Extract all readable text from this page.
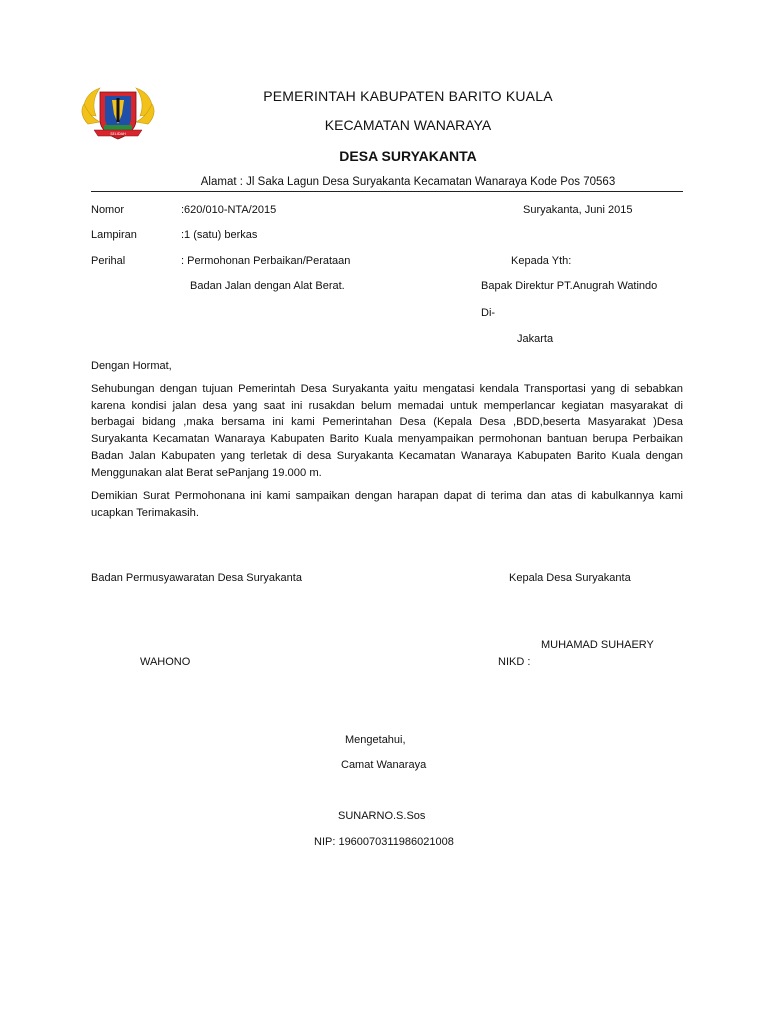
SELIDAH
PEMERINTAH KABUPATEN BARITO KUALA
KECAMATAN WANARAYA
DESA SURYAKANTA
Alamat : Jl Saka Lagun Desa Suryakanta Kecamatan Wanaraya Kode Pos 70563
Nomor	:620/010-NTA/2015	Suryakanta, Juni 2015
Lampiran	:1 (satu) berkas
Perihal	: Permohonan Perbaikan/Perataan
Badan Jalan dengan Alat Berat.
Kepada Yth:
Bapak Direktur PT.Anugrah Watindo
Di-
Jakarta
Dengan Hormat,
Sehubungan dengan tujuan Pemerintah Desa Suryakanta yaitu mengatasi kendala Transportasi yang di sebabkan karena kondisi jalan desa yang saat ini rusakdan belum memadai untuk memperlancar kegiatan masyarakat di berbagai bidang ,maka bersama ini kami Pemerintahan Desa (Kepala Desa ,BDD,beserta Masyarakat )Desa Suryakanta Kecamatan Wanaraya Kabupaten Barito Kuala menyampaikan permohonan bantuan berupa Perbaikan Badan Jalan Kabupaten yang terletak di desa Suryakanta Kecamatan Wanaraya Kabupaten Barito Kuala dengan Menggunakan alat Berat sePanjang 19.000 m.
Demikian Surat Permohonana ini kami sampaikan dengan harapan dapat di terima dan atas di kabulkannya kami ucapkan Terimakasih.
Badan Permusyawaratan Desa Suryakanta	Kepala Desa Suryakanta
MUHAMAD SUHAERY
WAHONO	NIKD :
Mengetahui,
Camat Wanaraya
SUNARNO.S.Sos
NIP: 196007031198602100​8
